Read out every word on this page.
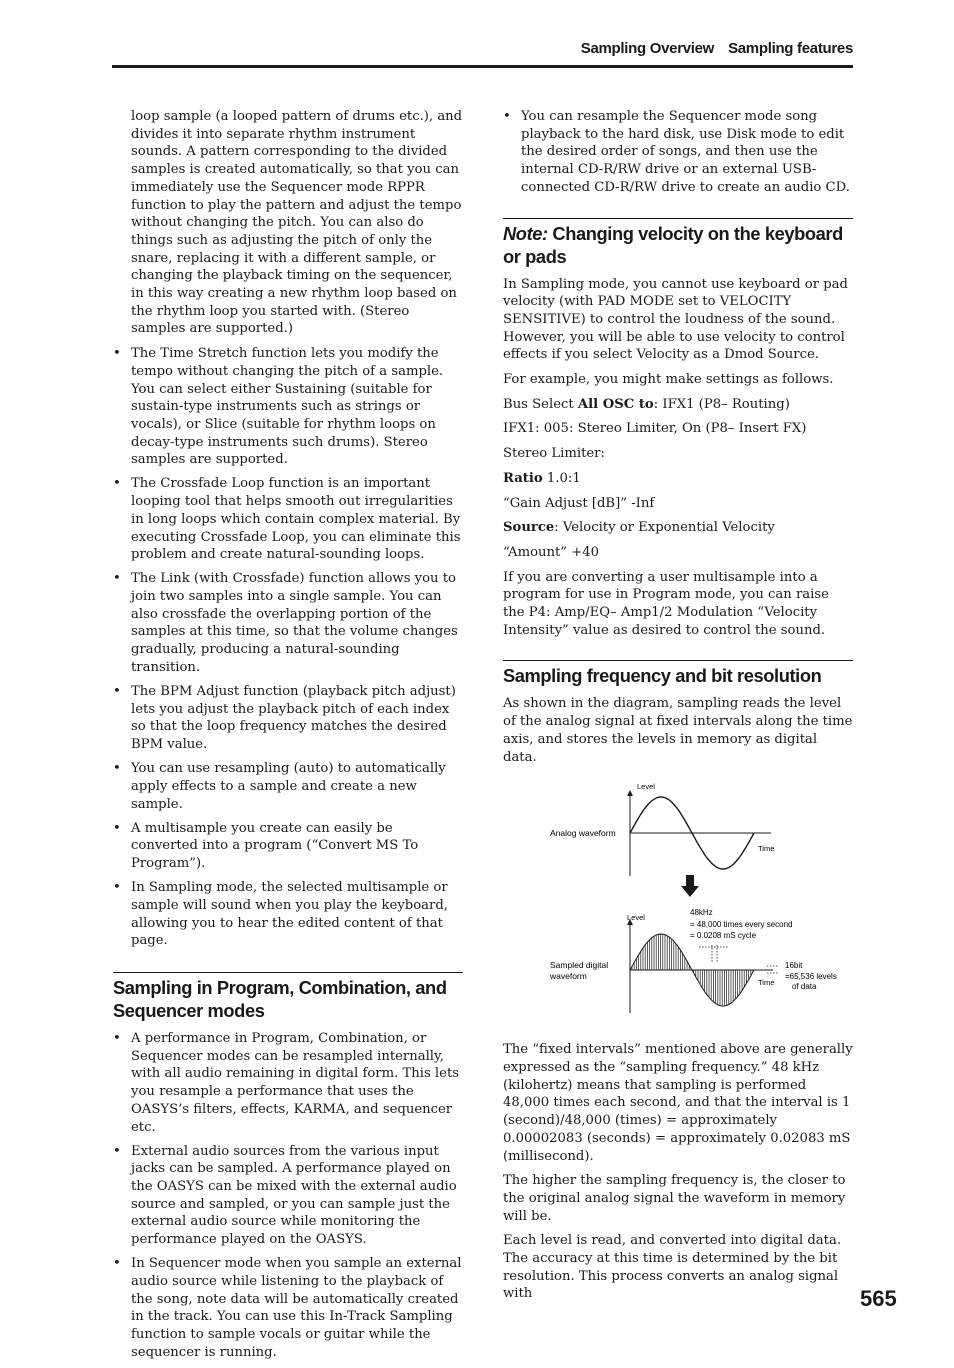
Sampling Overview Sampling features

loop sample (a looped pattern of drums etc.), and divides it into separate rhythm instrument sounds. A pattern corresponding to the divided samples is created automatically, so that you can immediately use the Sequencer mode RPPR function to play the pattern and adjust the tempo without changing the pitch. You can also do things such as adjusting the pitch of only the snare, replacing it with a different sample, or changing the playback timing on the sequencer, in this way creating a new rhythm loop based on the rhythm loop you started with. (Stereo samples are supported.)

• The Time Stretch function lets you modify the tempo without changing the pitch of a sample. You can select either Sustaining (suitable for sustain-type instruments such as strings or vocals), or Slice (suitable for rhythm loops on decay-type instruments such drums). Stereo samples are supported.
• The Crossfade Loop function is an important looping tool that helps smooth out irregularities in long loops which contain complex material. By executing Crossfade Loop, you can eliminate this problem and create natural-sounding loops.
• The Link (with Crossfade) function allows you to join two samples into a single sample. You can also crossfade the overlapping portion of the samples at this time, so that the volume changes gradually, producing a natural-sounding transition.
• The BPM Adjust function (playback pitch adjust) lets you adjust the playback pitch of each index so that the loop frequency matches the desired BPM value.
• You can use resampling (auto) to automatically apply effects to a sample and create a new sample.
• A multisample you create can easily be converted into a program (“Convert MS To Program”).
• In Sampling mode, the selected multisample or sample will sound when you play the keyboard, allowing you to hear the edited content of that page.
Sampling in Program, Combination, and Sequencer modes
• A performance in Program, Combination, or Sequencer modes can be resampled internally, with all audio remaining in digital form. This lets you resample a performance that uses the OASYS’s filters, effects, KARMA, and sequencer etc.
• External audio sources from the various input jacks can be sampled. A performance played on the OASYS can be mixed with the external audio source and sampled, or you can sample just the external audio source while monitoring the performance played on the OASYS.
• In Sequencer mode when you sample an external audio source while listening to the playback of the song, note data will be automatically created in the track. You can use this In-Track Sampling function to sample vocals or guitar while the sequencer is running.
• You can resample the Sequencer mode song playback to the hard disk, use Disk mode to edit the desired order of songs, and then use the internal CD-R/RW drive or an external USB-connected CD-R/RW drive to create an audio CD.
Note: Changing velocity on the keyboard or pads

In Sampling mode, you cannot use keyboard or pad velocity (with PAD MODE set to VELOCITY SENSITIVE) to control the loudness of the sound. However, you will be able to use velocity to control effects if you select Velocity as a Dmod Source.

For example, you might make settings as follows.

Bus Select All OSC to: IFX1 (P8– Routing)

IFX1: 005: Stereo Limiter, On (P8– Insert FX)

Stereo Limiter:

Ratio 1.0:1

“Gain Adjust [dB]” -Inf

Source: Velocity or Exponential Velocity

“Amount” +40

If you are converting a user multisample into a program for use in Program mode, you can raise the P4: Amp/EQ– Amp1/2 Modulation “Velocity Intensity” value as desired to control the sound.

Sampling frequency and bit resolution

As shown in the diagram, sampling reads the level of the analog signal at fixed intervals along the time axis, and stores the levels in memory as digital data.

Level
Analog waveform
Time
Level
48kHz
= 48,000 times every second
= 0.0208 mS cycle
Sampled digital
waveform
Time
16bit
=65,536 levels
of data

The “fixed intervals” mentioned above are generally expressed as the “sampling frequency.” 48 kHz (kilohertz) means that sampling is performed 48,000 times each second, and that the interval is 1 (second)/48,000 (times) = approximately 0.00002083 (seconds) = approximately 0.02083 mS (millisecond).

The higher the sampling frequency is, the closer to the original analog signal the waveform in memory will be.

Each level is read, and converted into digital data. The accuracy at this time is determined by the bit resolution. This process converts an analog signal with	565
